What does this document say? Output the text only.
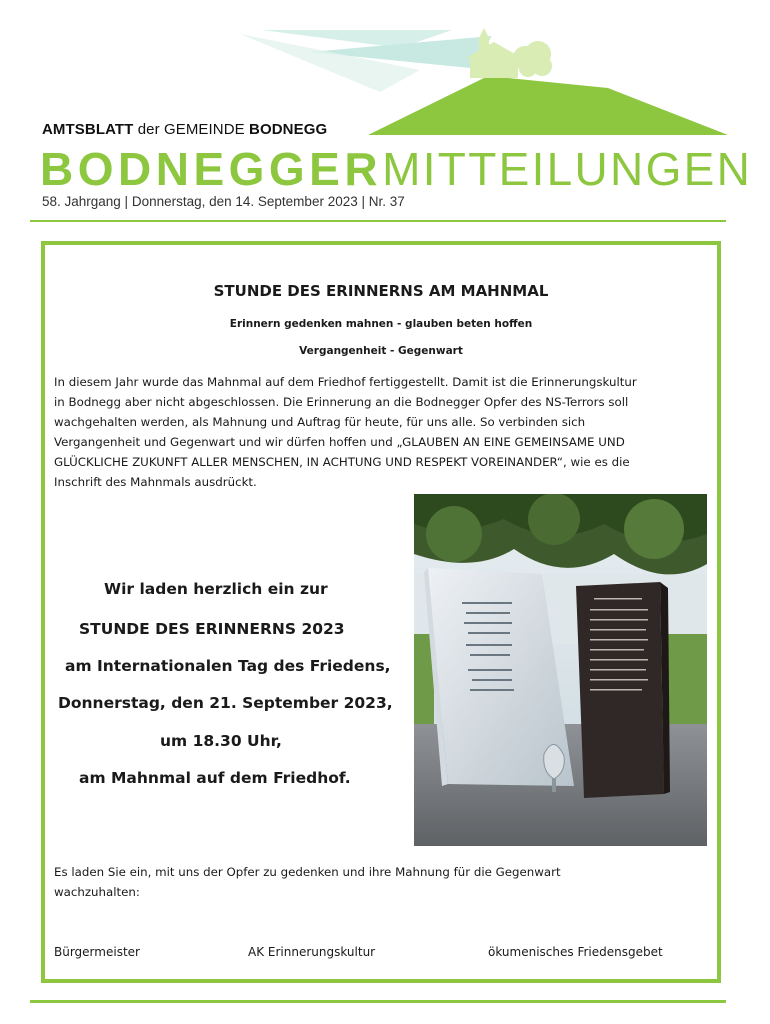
AMTSBLATT der GEMEINDE BODNEGG
BODNEGGERMITTEILUNGEN
58. Jahrgang | Donnerstag, den 14. September 2023 | Nr. 37
STUNDE DES ERINNERNS AM MAHNMAL
Erinnern gedenken mahnen - glauben beten hoffen
Vergangenheit - Gegenwart
In diesem Jahr wurde das Mahnmal auf dem Friedhof fertiggestellt. Damit ist die Erinnerungskultur
in Bodnegg aber nicht abgeschlossen. Die Erinnerung an die Bodnegger Opfer des NS-Terrors soll
wachgehalten werden, als Mahnung und Auftrag für heute, für uns alle. So verbinden sich
Vergangenheit und Gegenwart und wir dürfen hoffen und „GLAUBEN AN EINE GEMEINSAME UND
GLÜCKLICHE ZUKUNFT ALLER MENSCHEN, IN ACHTUNG UND RESPEKT VOREINANDER“, wie es die
Inschrift des Mahnmals ausdrückt.
Wir laden herzlich ein zur
STUNDE DES ERINNERNS 2023
am Internationalen Tag des Friedens,
Donnerstag, den 21. September 2023,
um 18.30 Uhr,
am Mahnmal auf dem Friedhof.
Es laden Sie ein, mit uns der Opfer zu gedenken und ihre Mahnung für die Gegenwart
wachzuhalten:
Bürgermeister	AK Erinnerungskultur	ökumenisches Friedensgebet
